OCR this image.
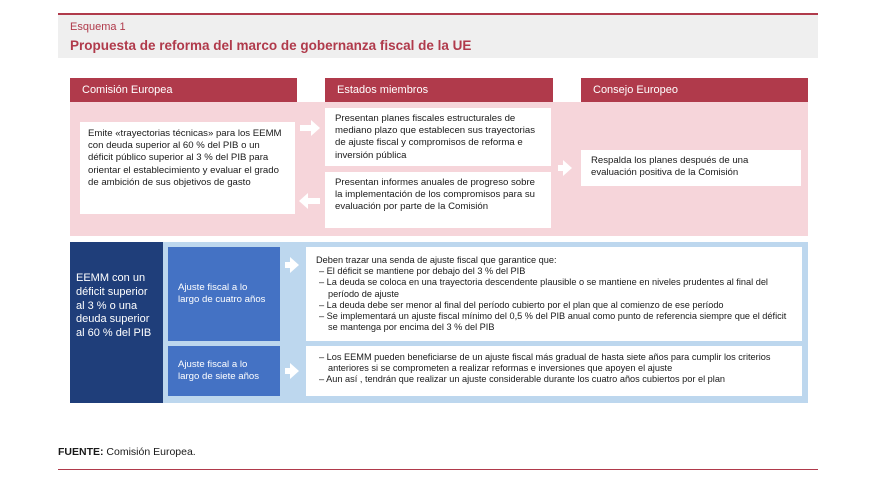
Esquema 1
Propuesta de reforma del marco de gobernanza fiscal de la UE
Comisión Europea	Estados miembros	Consejo Europeo
Emite «trayectorias técnicas» para los EEMM con deuda superior al 60 % del PIB o un déficit público superior al 3 % del PIB para orientar el establecimiento y evaluar el grado de ambición de sus objetivos de gasto
Presentan planes fiscales estructurales de mediano plazo que establecen sus trayectorias de ajuste fiscal y compromisos de reforma e inversión pública
Presentan informes anuales de progreso sobre la implementación de los compromisos para su evaluación por parte de la Comisión
Respalda los planes después de una evaluación positiva de la Comisión
EEMM con un déficit superior al 3 % o una deuda superior al 60 % del PIB
Ajuste fiscal a lo largo de cuatro años
Ajuste fiscal a lo largo de siete años
Deben trazar una senda de ajuste fiscal que garantice que:
– El déficit se mantiene por debajo del 3 % del PIB
– La deuda se coloca en una trayectoria descendente plausible o se mantiene en niveles prudentes al final del período de ajuste
– La deuda debe ser menor al final del período cubierto por el plan que al comienzo de ese período
– Se implementará un ajuste fiscal mínimo del 0,5 % del PIB anual como punto de referencia siempre que el déficit se mantenga por encima del 3 % del PIB
– Los EEMM pueden beneficiarse de un ajuste fiscal más gradual de hasta siete años para cumplir los criterios anteriores si se comprometen a realizar reformas e inversiones que apoyen el ajuste
– Aun así , tendrán que realizar un ajuste considerable durante los cuatro años cubiertos por el plan
FUENTE: Comisión Europea.
